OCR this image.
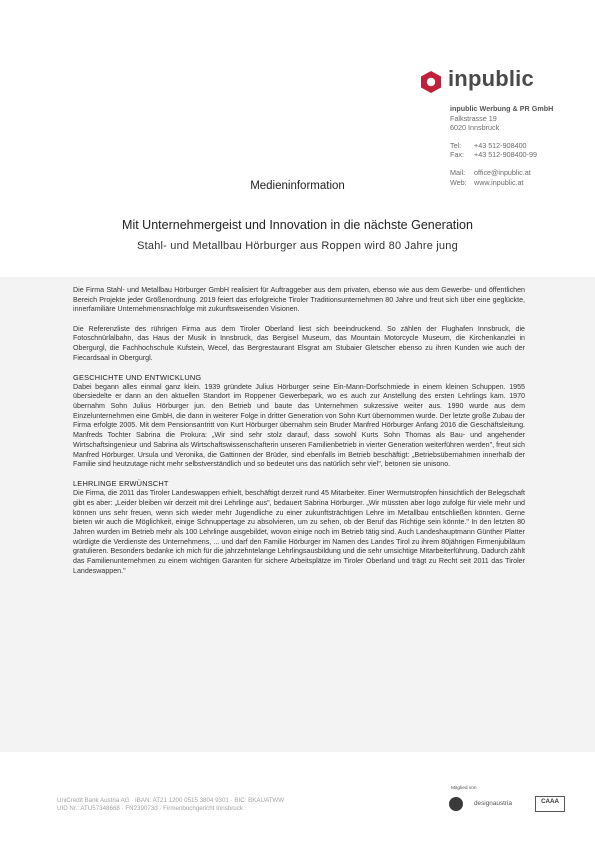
inpublic
inpublic Werbung & PR GmbH
Falkstrasse 19
6020 Innsbruck
Tel:	+43 512-908400
Fax:	+43 512-908400-99
Mail:	office@inpublic.at
Web:	www.inpublic.at
Medieninformation
Mit Unternehmergeist und Innovation in die nächste Generation
Stahl- und Metallbau Hörburger aus Roppen wird 80 Jahre jung

Die Firma Stahl- und Metallbau Hörburger GmbH realisiert für Auftraggeber aus dem privaten, ebenso wie aus dem Gewerbe- und öffentlichen Bereich Projekte jeder Größenordnung. 2019 feiert das erfolgreiche Tiroler Traditionsunternehmen 80 Jahre und freut sich über eine geglückte, innerfamiliäre Unternehmensnachfolge mit zukunftsweisenden Visionen.

Die Referenzliste des rührigen Firma aus dem Tiroler Oberland liest sich beeindruckend. So zählen der Flughafen Innsbruck, die Fotoschnürlalbahn, das Haus der Musik in Innsbruck, das Bergisel Museum, das Mountain Motorcycle Museum, die Kirchenkanzlei in Obergurgl, die Fachhochschule Kufstein, Wecel, das Bergrestaurant Elsgrat am Stubaier Gletscher ebenso zu ihren Kunden wie auch der Fiecardsaal in Obergurgl.

GESCHICHTE UND ENTWICKLUNG

Dabei begann alles einmal ganz klein. 1939 gründete Julius Hörburger seine Ein-Mann-Dorfschmiede in einem kleinen Schuppen. 1955 übersiedelte er dann an den aktuellen Standort im Roppener Gewerbepark, wo es auch zur Anstellung des ersten Lehrlings kam. 1970 übernahm Sohn Julius Hörburger jun. den Betrieb und baute das Unternehmen sukzessive weiter aus. 1990 wurde aus dem Einzelunternehmen eine GmbH, die dann in weiterer Folge in dritter Generation von Sohn Kurt übernommen wurde. Der letzte große Zubau der Firma erfolgte 2005. Mit dem Pensionsantritt von Kurt Hörburger übernahm sein Bruder Manfred Hörburger Anfang 2016 die Geschäftsleitung. Manfreds Tochter Sabrina die Prokura: „Wir sind sehr stolz darauf, dass sowohl Kurts Sohn Thomas als Bau- und angehender Wirtschaftsingenieur und Sabrina als Wirtschaftswissenschafterin unseren Familienbetrieb in vierter Generation weiterführen werden", freut sich Manfred Hörburger. Ursula und Veronika, die Gattinnen der Brüder, sind ebenfalls im Betrieb beschäftigt: „Betriebsübernahmen innerhalb der Familie sind heutzutage nicht mehr selbstverständlich und so bedeutet uns das natürlich sehr viel", betonen sie unisono.

LEHRLINGE ERWÜNSCHT

Die Firma, die 2011 das Tiroler Landeswappen erhielt, beschäftigt derzeit rund 45 Mitarbeiter. Einer Wermutstropfen hinsichtlich der Belegschaft gibt es aber: „Leider bleiben wir derzeit mit drei Lehrlinge aus", bedauert Sabrina Hörburger. „Wir müssten aber logo zufolge für viele mehr und können uns sehr freuen, wenn sich wieder mehr Jugendliche zu einer zukunftsträchtigen Lehre im Metallbau entschließen könnten. Gerne bieten wir auch die Möglichkeit, einige Schnuppertage zu absolvieren, um zu sehen, ob der Beruf das Richtige sein könnte." In den letzten 80 Jahren wurden im Betrieb mehr als 100 Lehrlinge ausgebildet, wovon einige noch im Betrieb tätig sind. Auch Landeshauptmann Günther Platter würdigte die Verdienste des Unternehmens, ... und darf den Familie Hörburger im Namen des Landes Tirol zu ihrem 80jährigen Firmenjubiläum gratulieren. Besonders bedanke ich mich für die jahrzehntelange Lehrlingsausbildung und die sehr umsichtige Mitarbeiterführung. Dadurch zählt das Familienunternehmen zu einem wichtigen Garanten für sichere Arbeitsplätze im Tiroler Oberland und trägt zu Recht seit 2011 das Tiroler Landeswappen."

UniCredit Bank Austria AG · IBAN: AT21 1200 0515 3804 9301 · BIC: BKAUATWW
UID Nr.: ATU57348668 · FN239073d · Firmenbuchgericht Innsbruck
Mitglied von
designaustria	CAAA
